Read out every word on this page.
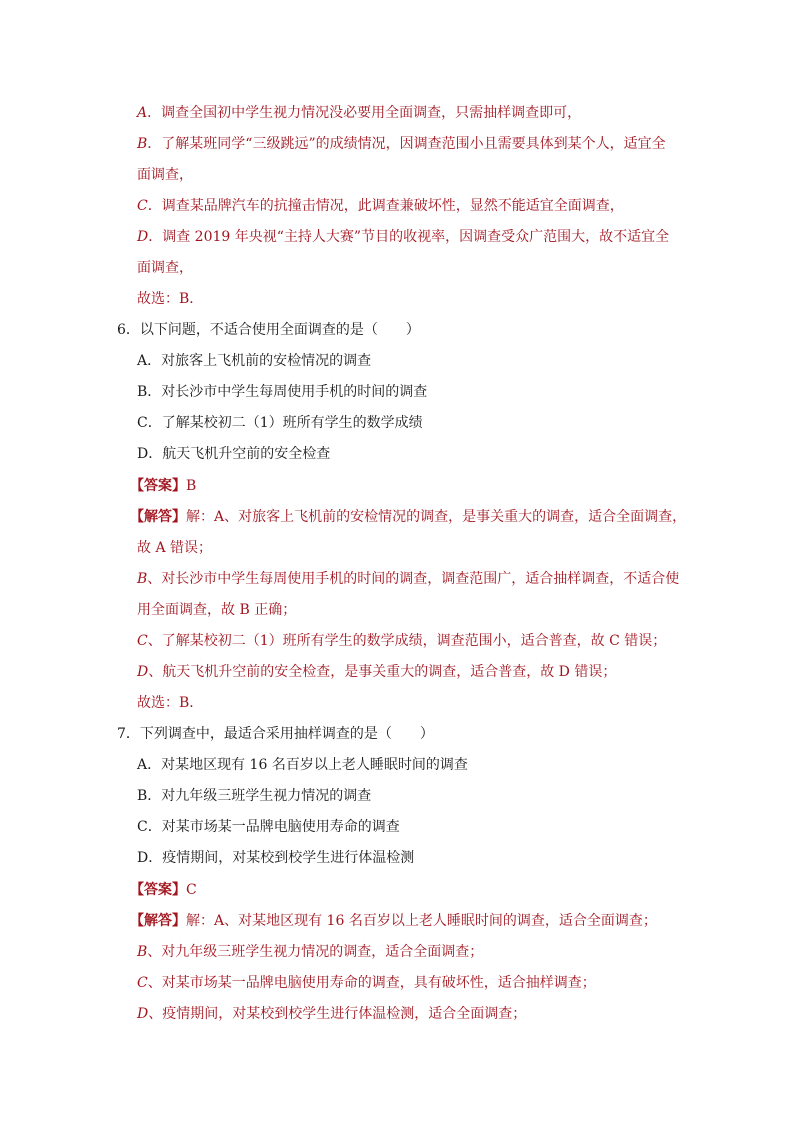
A．调查全国初中学生视力情况没必要用全面调查，只需抽样调查即可，
B．了解某班同学“三级跳远”的成绩情况，因调查范围小且需要具体到某个人，适宜全
面调查，
C．调查某品牌汽车的抗撞击情况，此调查兼破坏性，显然不能适宜全面调查，
D．调查 2019 年央视“主持人大赛”节目的收视率，因调查受众广范围大，故不适宜全
面调查，
故选：B．
6．以下问题，不适合使用全面调查的是（　　）
A．对旅客上飞机前的安检情况的调查
B．对长沙市中学生每周使用手机的时间的调查
C．了解某校初二（1）班所有学生的数学成绩
D．航天飞机升空前的安全检查
【答案】B
【解答】解：A、对旅客上飞机前的安检情况的调查，是事关重大的调查，适合全面调查，
故 A 错误；
B、对长沙市中学生每周使用手机的时间的调查，调查范围广，适合抽样调查，不适合使
用全面调查，故 B 正确；
C、了解某校初二（1）班所有学生的数学成绩，调查范围小，适合普查，故 C 错误；
D、航天飞机升空前的安全检查，是事关重大的调查，适合普查，故 D 错误；
故选：B．
7．下列调查中，最适合采用抽样调查的是（　　）
A．对某地区现有 16 名百岁以上老人睡眠时间的调查
B．对九年级三班学生视力情况的调查
C．对某市场某一品牌电脑使用寿命的调查
D．疫情期间，对某校到校学生进行体温检测
【答案】C
【解答】解：A、对某地区现有 16 名百岁以上老人睡眠时间的调查，适合全面调查；
B、对九年级三班学生视力情况的调查，适合全面调查；
C、对某市场某一品牌电脑使用寿命的调查，具有破坏性，适合抽样调查；
D、疫情期间，对某校到校学生进行体温检测，适合全面调查；
